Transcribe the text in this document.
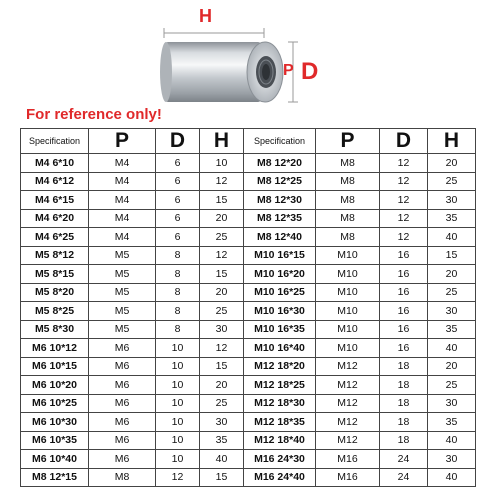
H
P D
For reference only!
Specification	P	D	H	Specification	P	D	H
M4 6*10	M4	6	10	M8 12*20	M8	12	20
M4 6*12	M4	6	12	M8 12*25	M8	12	25
M4 6*15	M4	6	15	M8 12*30	M8	12	30
M4 6*20	M4	6	20	M8 12*35	M8	12	35
M4 6*25	M4	6	25	M8 12*40	M8	12	40
M5 8*12	M5	8	12	M10 16*15	M10	16	15
M5 8*15	M5	8	15	M10 16*20	M10	16	20
M5 8*20	M5	8	20	M10 16*25	M10	16	25
M5 8*25	M5	8	25	M10 16*30	M10	16	30
M5 8*30	M5	8	30	M10 16*35	M10	16	35
M6 10*12	M6	10	12	M10 16*40	M10	16	40
M6 10*15	M6	10	15	M12 18*20	M12	18	20
M6 10*20	M6	10	20	M12 18*25	M12	18	25
M6 10*25	M6	10	25	M12 18*30	M12	18	30
M6 10*30	M6	10	30	M12 18*35	M12	18	35
M6 10*35	M6	10	35	M12 18*40	M12	18	40
M6 10*40	M6	10	40	M16 24*30	M16	24	30
M8 12*15	M8	12	15	M16 24*40	M16	24	40
